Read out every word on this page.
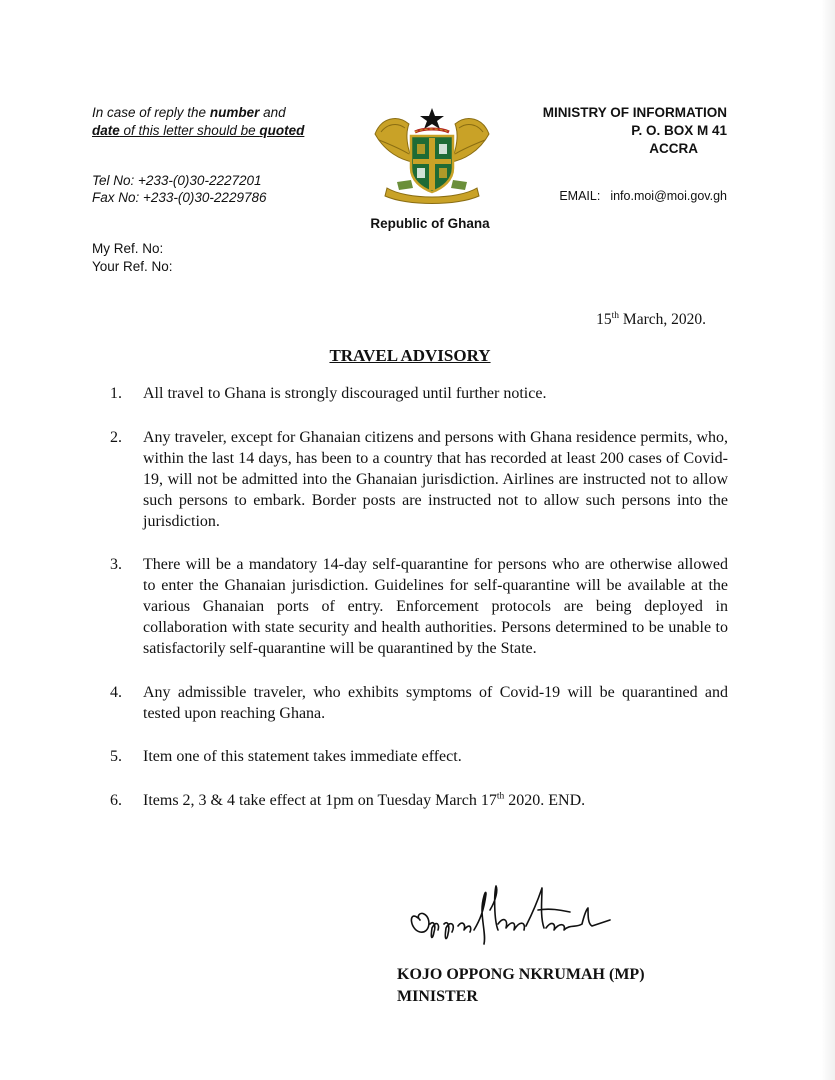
In case of reply the number and
date of this letter should be quoted
MINISTRY OF INFORMATION
P. O. BOX M 41
ACCRA
Tel No: +233-(0)30-2227201
Fax No: +233-(0)30-2229786	EMAIL: info.moi@moi.gov.gh
Republic of Ghana
My Ref. No:
Your Ref. No:
15th March, 2020.
TRAVEL ADVISORY
1.	All travel to Ghana is strongly discouraged until further notice.
2.	Any traveler, except for Ghanaian citizens and persons with Ghana residence permits, who, within the last 14 days, has been to a country that has recorded at least 200 cases of Covid-19, will not be admitted into the Ghanaian jurisdiction. Airlines are instructed not to allow such persons to embark. Border posts are instructed not to allow such persons into the jurisdiction.
3.	There will be a mandatory 14-day self-quarantine for persons who are otherwise allowed to enter the Ghanaian jurisdiction. Guidelines for self-quarantine will be available at the various Ghanaian ports of entry. Enforcement protocols are being deployed in collaboration with state security and health authorities. Persons determined to be unable to satisfactorily self-quarantine will be quarantined by the State.
4.	Any admissible traveler, who exhibits symptoms of Covid-19 will be quarantined and tested upon reaching Ghana.
5.	Item one of this statement takes immediate effect.
6.	Items 2, 3 & 4 take effect at 1pm on Tuesday March 17th 2020. END.
KOJO OPPONG NKRUMAH (MP)
MINISTER
